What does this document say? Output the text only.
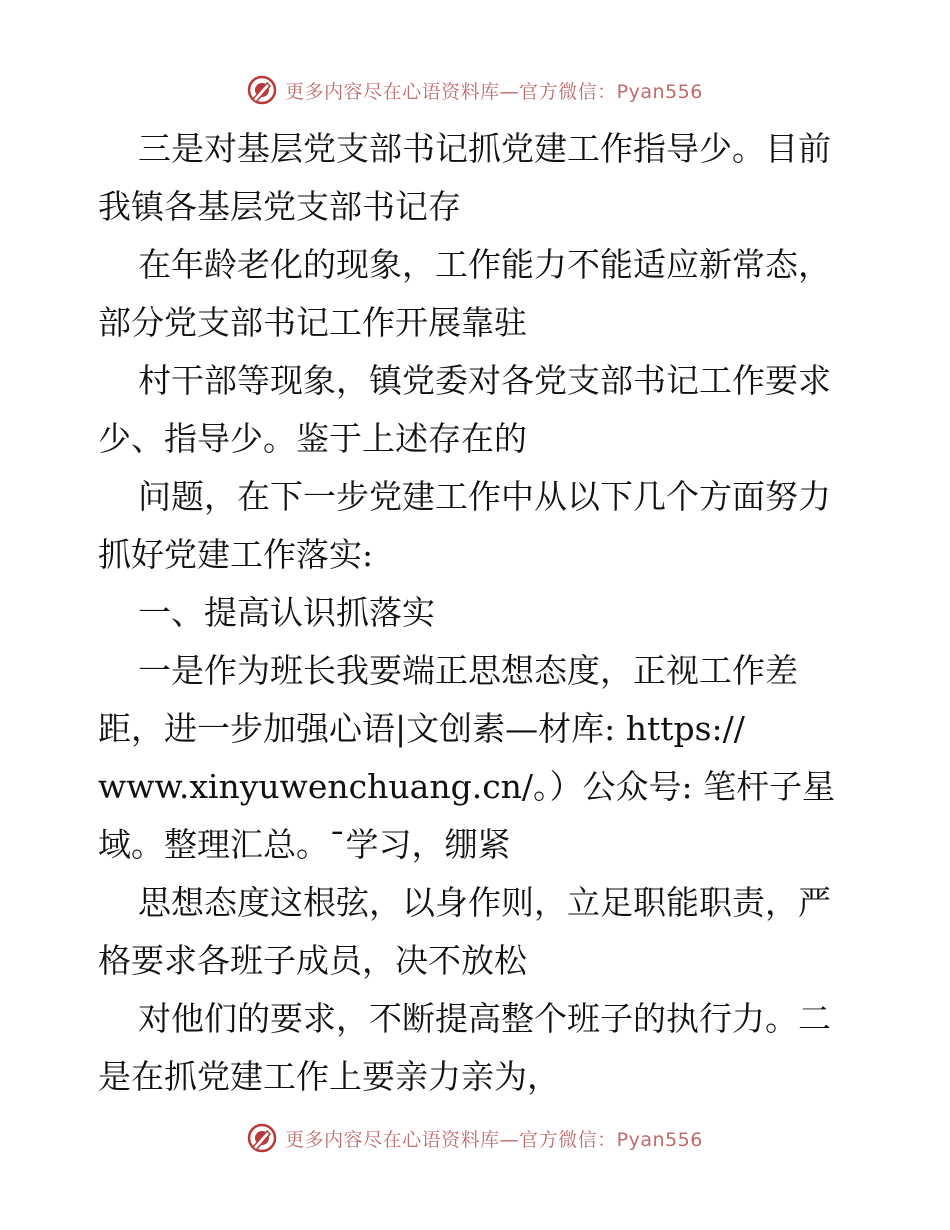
更多内容尽在心语资料库—官方微信：Pyan556
三是对基层党支部书记抓党建工作指导少。目前
我镇各基层党支部书记存
在年龄老化的现象，工作能力不能适应新常态，
部分党支部书记工作开展靠驻
村干部等现象，镇党委对各党支部书记工作要求
少、指导少。鉴于上述存在的
问题，在下一步党建工作中从以下几个方面努力
抓好党建工作落实:
一、提高认识抓落实
一是作为班长我要端正思想态度，正视工作差
距，进一步加强心语|文创素—材库: https://
www.xinyuwenchuang.cn/。）公众号: 笔杆子星
域。整理汇总。¯学习，绷紧
思想态度这根弦，以身作则，立足职能职责，严
格要求各班子成员，决不放松
对他们的要求，不断提高整个班子的执行力。二
是在抓党建工作上要亲力亲为，
更多内容尽在心语资料库—官方微信：Pyan556
